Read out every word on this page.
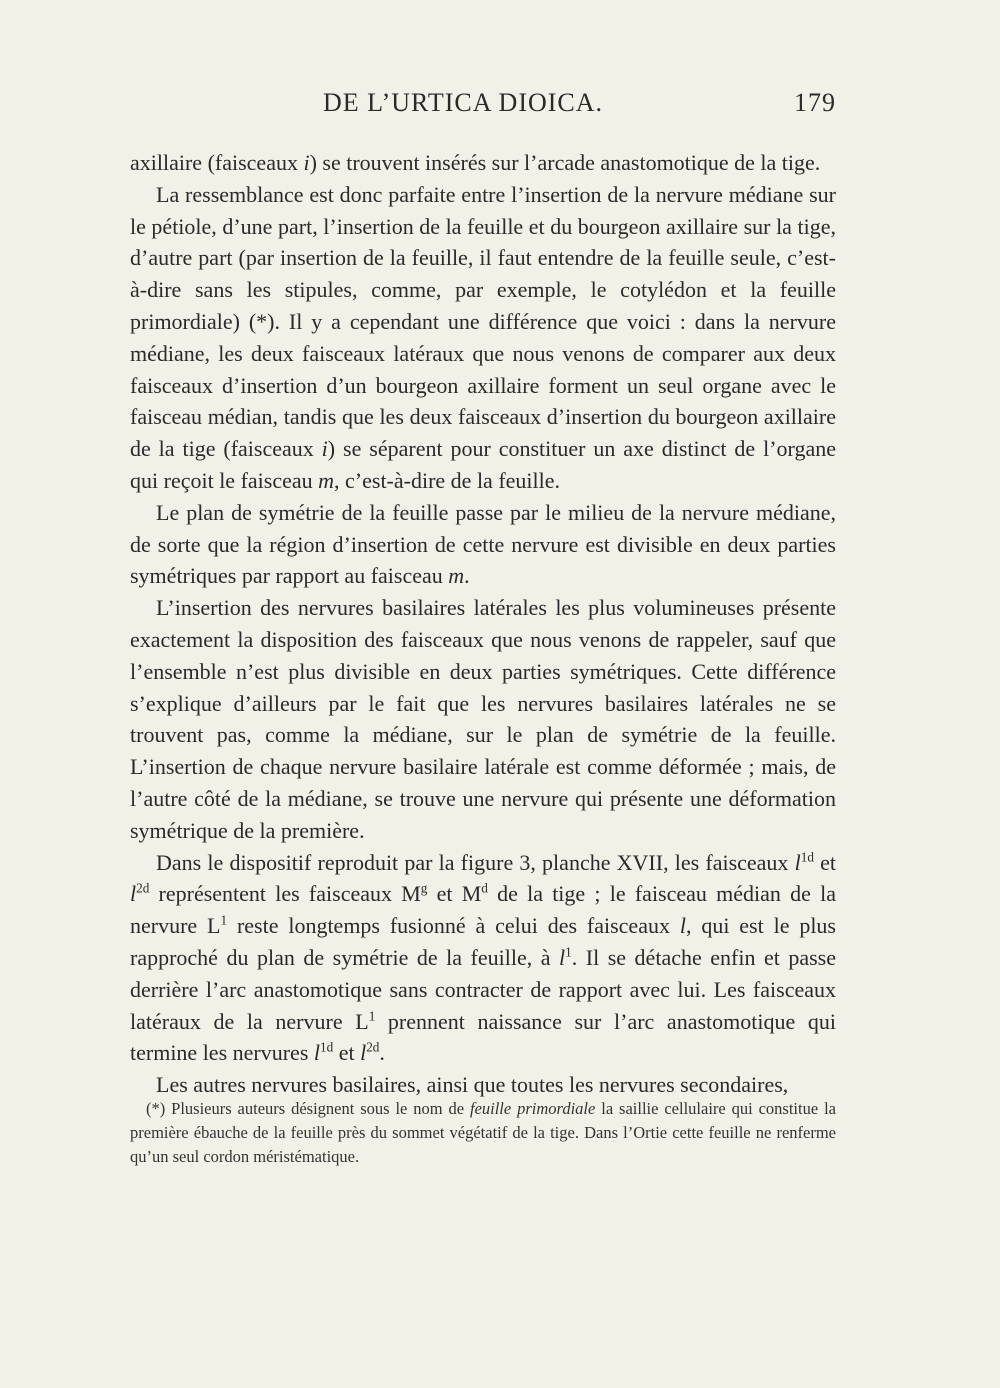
DE L’URTICA DIOICA.	179

axillaire (faisceaux i) se trouvent insérés sur l’arcade anastomotique de la tige.

La ressemblance est donc parfaite entre l’insertion de la nervure médiane sur le pétiole, d’une part, l’insertion de la feuille et du bourgeon axillaire sur la tige, d’autre part (par insertion de la feuille, il faut entendre de la feuille seule, c’est-à-dire sans les stipules, comme, par exemple, le cotylédon et la feuille primordiale) (*). Il y a cependant une différence que voici : dans la nervure médiane, les deux faisceaux latéraux que nous venons de comparer aux deux faisceaux d’insertion d’un bourgeon axillaire forment un seul organe avec le faisceau médian, tandis que les deux faisceaux d’insertion du bourgeon axillaire de la tige (faisceaux i) se séparent pour constituer un axe distinct de l’organe qui reçoit le faisceau m, c’est-à-dire de la feuille.

Le plan de symétrie de la feuille passe par le milieu de la nervure médiane, de sorte que la région d’insertion de cette nervure est divisible en deux parties symétriques par rapport au faisceau m.

L’insertion des nervures basilaires latérales les plus volumineuses présente exactement la disposition des faisceaux que nous venons de rappeler, sauf que l’ensemble n’est plus divisible en deux parties symétriques. Cette différence s’explique d’ailleurs par le fait que les nervures basilaires latérales ne se trouvent pas, comme la médiane, sur le plan de symétrie de la feuille. L’insertion de chaque nervure basilaire latérale est comme déformée ; mais, de l’autre côté de la médiane, se trouve une nervure qui présente une déformation symétrique de la première.

Dans le dispositif reproduit par la figure 3, planche XVII, les faisceaux $l^{1d}$ et $l^{2d}$ représentent les faisceaux $M^g$ et $M^d$ de la tige ; le faisceau médian de la nervure $L^1$ reste longtemps fusionné à celui des faisceaux l, qui est le plus rapproché du plan de symétrie de la feuille, à $l^1$. Il se détache enfin et passe derrière l’arc anastomotique sans contracter de rapport avec lui. Les faisceaux latéraux de la nervure $L^1$ prennent naissance sur l’arc anastomotique qui termine les nervures $l^{1d}$ et $l^{2d}$.

Les autres nervures basilaires, ainsi que toutes les nervures secondaires,

(*) Plusieurs auteurs désignent sous le nom de feuille primordiale la saillie cellulaire qui constitue la première ébauche de la feuille près du sommet végétatif de la tige. Dans l’Ortie cette feuille ne renferme qu’un seul cordon méristématique.
